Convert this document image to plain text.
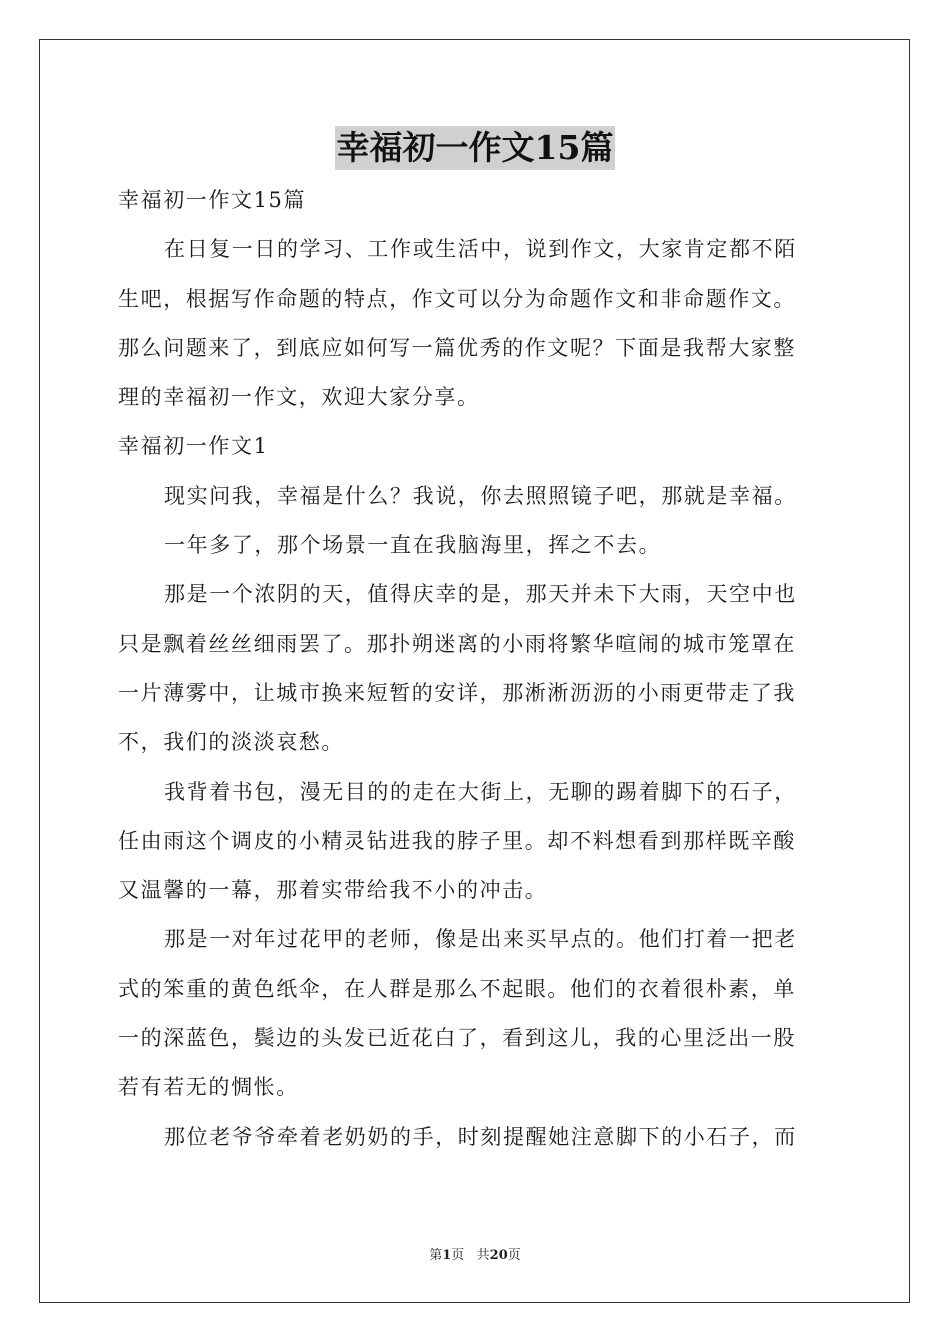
幸福初一作文15篇
幸福初一作文15篇
在日复一日的学习、工作或生活中，说到作文，大家肯定都不陌
生吧，根据写作命题的特点，作文可以分为命题作文和非命题作文。
那么问题来了，到底应如何写一篇优秀的作文呢？下面是我帮大家整
理的幸福初一作文，欢迎大家分享。
幸福初一作文1
现实问我，幸福是什么？我说，你去照照镜子吧，那就是幸福。
一年多了，那个场景一直在我脑海里，挥之不去。
那是一个浓阴的天，值得庆幸的是，那天并未下大雨，天空中也
只是飘着丝丝细雨罢了。那扑朔迷离的小雨将繁华喧闹的城市笼罩在
一片薄雾中，让城市换来短暂的安详，那淅淅沥沥的小雨更带走了我
不，我们的淡淡哀愁。
我背着书包，漫无目的的走在大街上，无聊的踢着脚下的石子，
任由雨这个调皮的小精灵钻进我的脖子里。却不料想看到那样既辛酸
又温馨的一幕，那着实带给我不小的冲击。
那是一对年过花甲的老师，像是出来买早点的。他们打着一把老
式的笨重的黄色纸伞，在人群是那么不起眼。他们的衣着很朴素，单
一的深蓝色，鬓边的头发已近花白了，看到这儿，我的心里泛出一股
若有若无的惆怅。
那位老爷爷牵着老奶奶的手，时刻提醒她注意脚下的小石子，而
第1页   共20页
